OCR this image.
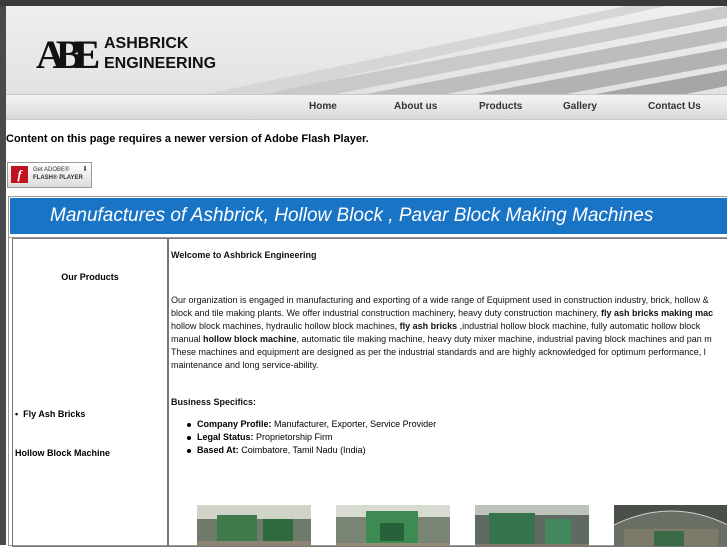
ABE ASHBRICK
ENGINEERING
Home	About us	Products	Gallery	Contact Us
Content on this page requires a newer version of Adobe Flash Player.
f	Get ADOBE®
FLASH® PLAYER
⬇
Manufactures of Ashbrick, Hollow Block , Pavar Block Making Machines
Our Products
•  Fly Ash Bricks
Hollow Block Machine
Welcome to Ashbrick Engineering
Our organization is engaged in manufacturing and exporting of a wide range of Equipment used in construction industry, brick, hollow &
block and tile making plants. We offer industrial construction machinery, heavy duty construction machinery, fly ash bricks making mac
hollow block machines, hydraulic hollow block machines, fly ash bricks ,industrial hollow block machine, fully automatic hollow block
manual hollow block machine, automatic tile making machine, heavy duty mixer machine, industrial paving block machines and pan m
These machines and equipment are designed as per the industrial standards and are highly acknowledged for optimum performance, l
maintenance and long service-ability.
Business Specifics:
Company Profile: Manufacturer, Exporter, Service Provider
Legal Status: Proprietorship Firm
Based At: Coimbatore, Tamil Nadu (India)
